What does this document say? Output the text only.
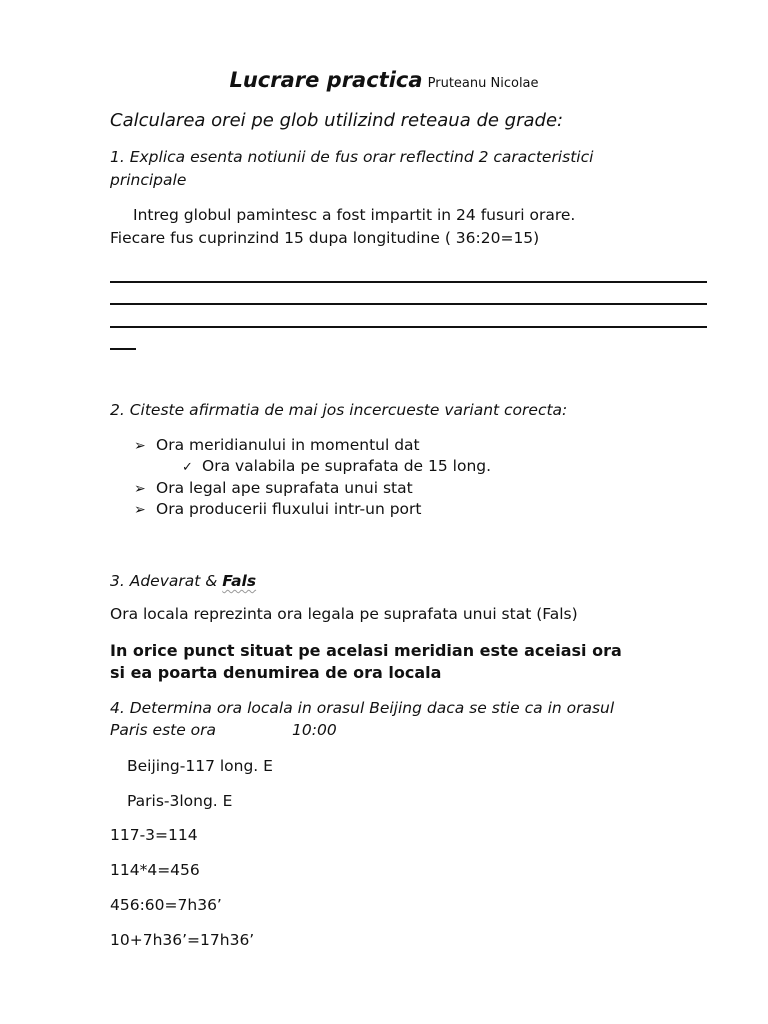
Lucrare practica Pruteanu Nicolae
Calcularea orei pe glob utilizind reteaua de grade:
1. Explica esenta notiunii de fus orar reflectind 2 caracteristici
principale
Intreg globul pamintesc a fost impartit in 24 fusuri orare.
Fiecare fus cuprinzind 15 dupa longitudine ( 36:20=15)
2. Citeste afirmatia de mai jos incercueste variant corecta:
➢ Ora meridianului in momentul dat
✓ Ora valabila pe suprafata de 15 long.
➢ Ora legal ape suprafata unui stat
➢ Ora producerii fluxului intr-un port
3. Adevarat & Fals
Ora locala reprezinta ora legala pe suprafata unui stat (Fals)
In orice punct situat pe acelasi meridian este aceiasi ora
si ea poarta denumirea de ora locala
4. Determina ora locala in orasul Beijing daca se stie ca in orasul
Paris este ora	10:00
Beijing-117 long. E
Paris-3long. E
117-3=114
114*4=456
456:60=7h36’
10+7h36’=17h36’
